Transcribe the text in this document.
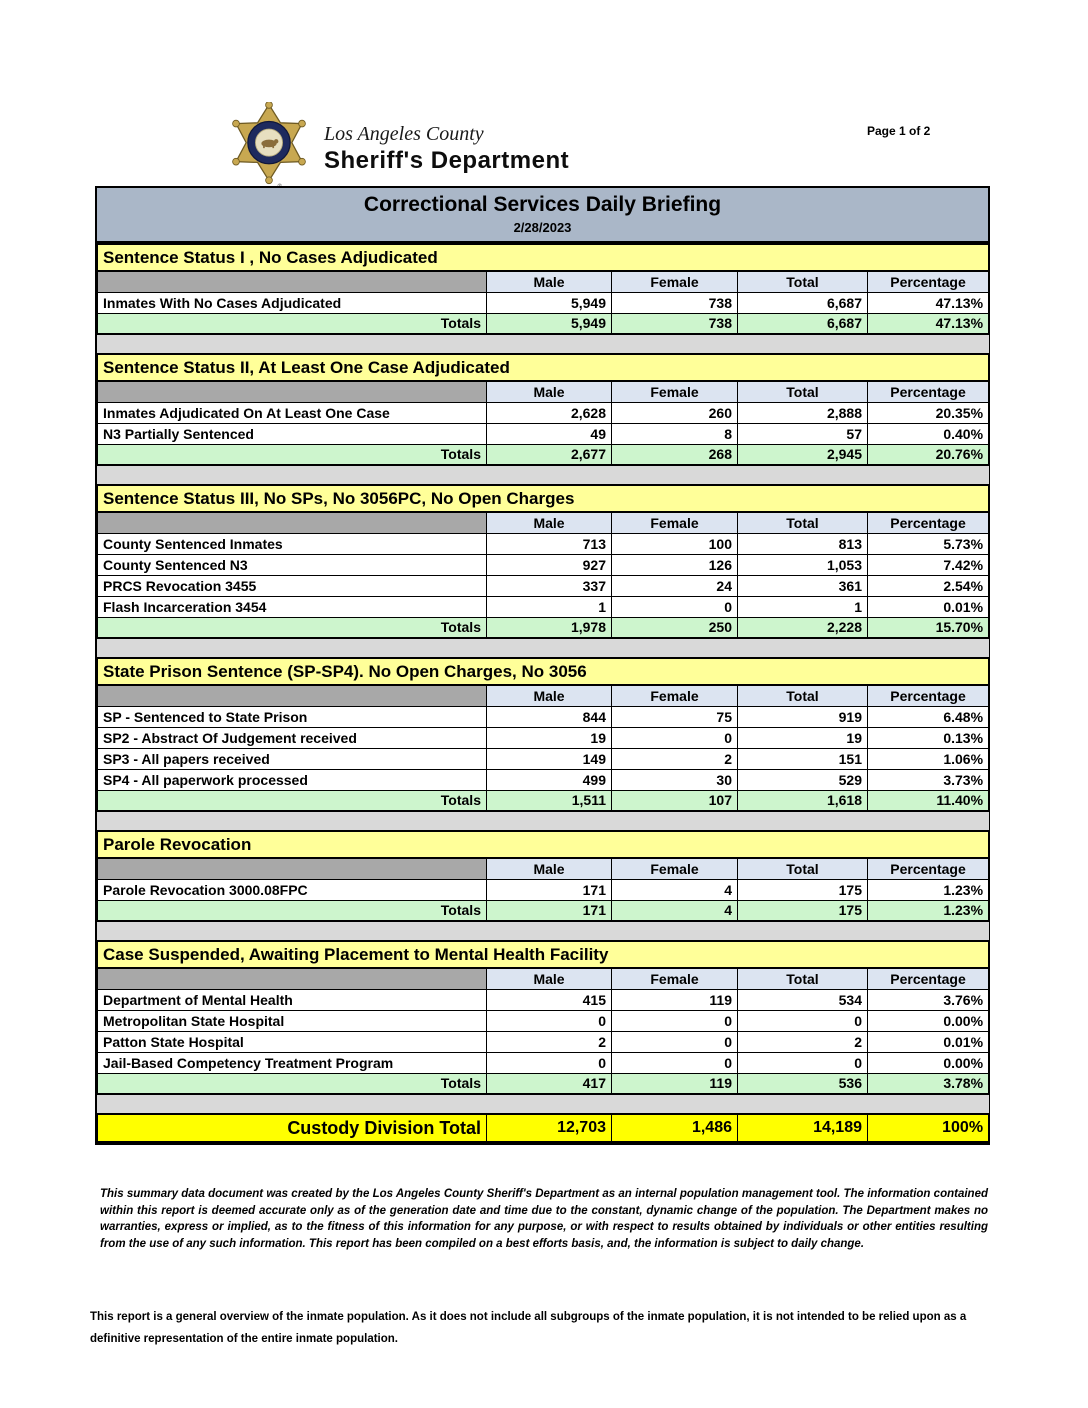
Los Angeles County
Sheriff's Department
Page 1 of 2
Correctional Services Daily Briefing
2/28/2023
Sentence Status I , No Cases Adjudicated				
	Male	Female	Total	Percentage
Inmates With No Cases Adjudicated	5,949	738	6,687	47.13%
Totals	5,949	738	6,687	47.13%

Sentence Status II, At Least One Case Adjudicated				
	Male	Female	Total	Percentage
Inmates Adjudicated On At Least One Case	2,628	260	2,888	20.35%
N3 Partially Sentenced	49	8	57	0.40%
Totals	2,677	268	2,945	20.76%

Sentence Status III, No SPs, No 3056PC, No Open Charges				
	Male	Female	Total	Percentage
County Sentenced Inmates	713	100	813	5.73%
County Sentenced N3	927	126	1,053	7.42%
PRCS Revocation 3455	337	24	361	2.54%
Flash Incarceration 3454	1	0	1	0.01%
Totals	1,978	250	2,228	15.70%

State Prison Sentence (SP-SP4). No Open Charges, No 3056				
	Male	Female	Total	Percentage
SP - Sentenced to State Prison	844	75	919	6.48%
SP2 - Abstract Of Judgement received	19	0	19	0.13%
SP3 - All papers received	149	2	151	1.06%
SP4 - All paperwork processed	499	30	529	3.73%
Totals	1,511	107	1,618	11.40%

Parole Revocation				
	Male	Female	Total	Percentage
Parole Revocation 3000.08FPC	171	4	175	1.23%
Totals	171	4	175	1.23%

Case Suspended, Awaiting Placement to Mental Health Facility				
	Male	Female	Total	Percentage
Department of Mental Health	415	119	534	3.76%
Metropolitan State Hospital	0	0	0	0.00%
Patton State Hospital	2	0	2	0.01%
Jail-Based Competency Treatment Program	0	0	0	0.00%
Totals	417	119	536	3.78%

Custody Division Total	12,703	1,486	14,189	100%
This summary data document was created by the Los Angeles County Sheriff's Department as an internal population management tool. The information contained within this report is deemed accurate only as of the generation date and time due to the constant, dynamic change of the population. The Department makes no warranties, express or implied, as to the fitness of this information for any purpose, or with respect to results obtained by individuals or other entities resulting from the use of any such information. This report has been compiled on a best efforts basis, and, the information is subject to daily change.
This report is a general overview of the inmate population. As it does not include all subgroups of the inmate population, it is not intended to be relied upon as a definitive representation of the entire inmate population.
